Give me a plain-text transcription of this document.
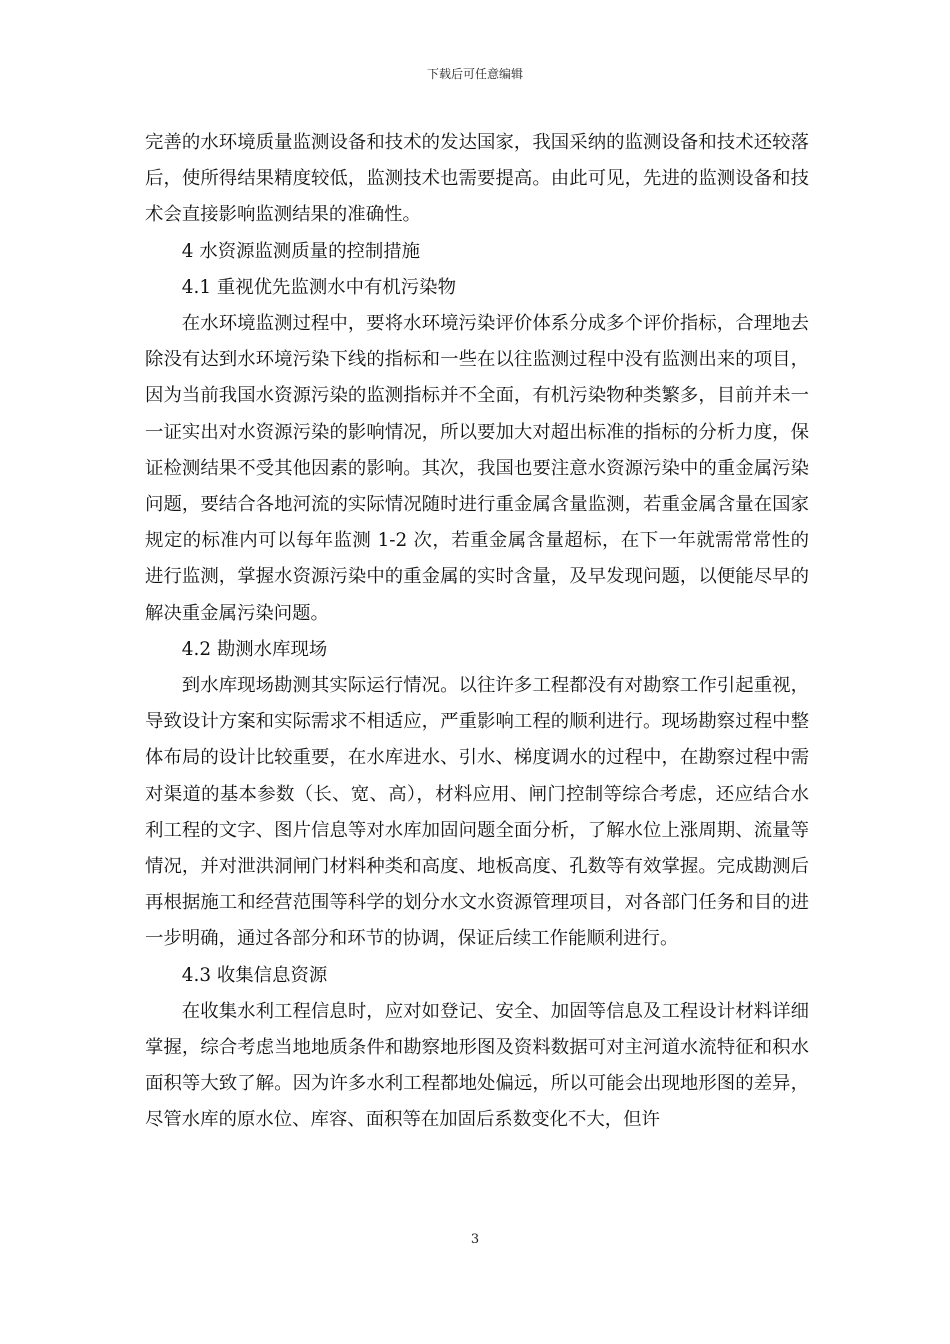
下载后可任意编辑

完善的水环境质量监测设备和技术的发达国家，我国采纳的监测设备和技术还较落后，使所得结果精度较低，监测技术也需要提高。由此可见，先进的监测设备和技术会直接影响监测结果的准确性。

4 水资源监测质量的控制措施

4.1 重视优先监测水中有机污染物

在水环境监测过程中，要将水环境污染评价体系分成多个评价指标，合理地去除没有达到水环境污染下线的指标和一些在以往监测过程中没有监测出来的项目，因为当前我国水资源污染的监测指标并不全面，有机污染物种类繁多，目前并未一一证实出对水资源污染的影响情况，所以要加大对超出标准的指标的分析力度，保证检测结果不受其他因素的影响。其次，我国也要注意水资源污染中的重金属污染问题，要结合各地河流的实际情况随时进行重金属含量监测，若重金属含量在国家规定的标准内可以每年监测 1-2 次，若重金属含量超标，在下一年就需常常性的进行监测，掌握水资源污染中的重金属的实时含量，及早发现问题，以便能尽早的解决重金属污染问题。

4.2 勘测水库现场

到水库现场勘测其实际运行情况。以往许多工程都没有对勘察工作引起重视，导致设计方案和实际需求不相适应，严重影响工程的顺利进行。现场勘察过程中整体布局的设计比较重要，在水库进水、引水、梯度调水的过程中，在勘察过程中需对渠道的基本参数（长、宽、高），材料应用、闸门控制等综合考虑，还应结合水利工程的文字、图片信息等对水库加固问题全面分析，了解水位上涨周期、流量等情况，并对泄洪洞闸门材料种类和高度、地板高度、孔数等有效掌握。完成勘测后再根据施工和经营范围等科学的划分水文水资源管理项目，对各部门任务和目的进一步明确，通过各部分和环节的协调，保证后续工作能顺利进行。

4.3 收集信息资源

在收集水利工程信息时，应对如登记、安全、加固等信息及工程设计材料详细掌握，综合考虑当地地质条件和勘察地形图及资料数据可对主河道水流特征和积水面积等大致了解。因为许多水利工程都地处偏远，所以可能会出现地形图的差异，尽管水库的原水位、库容、面积等在加固后系数变化不大，但许

3
